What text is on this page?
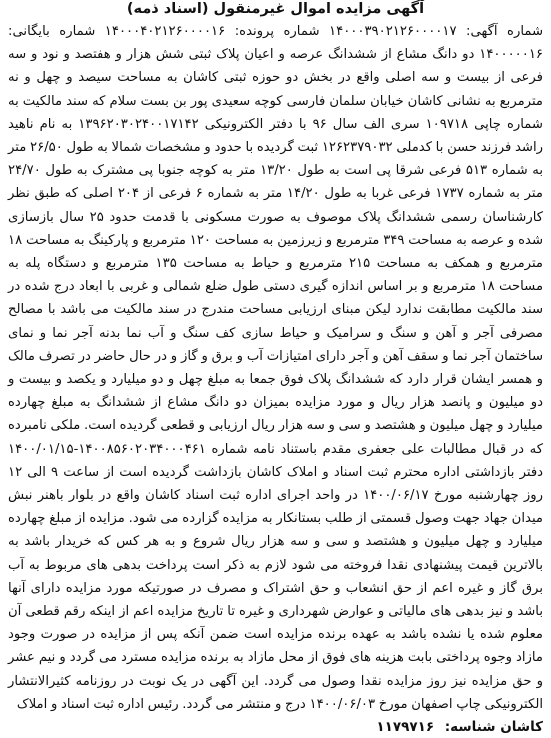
آگهی مزایده اموال غیرمنقول (اسناد ذمه)

شماره آگهی: ۱۴۰۰۰۳۹۰۲۱۲۶۰۰۰۰۱۷ شماره پرونده: ۱۴۰۰۰۴۰۲۱۲۶۰۰۰۰۱۶ شماره بایگانی: ۱۴۰۰۰۰۰۱۶ دو دانگ مشاع از ششدانگ عرصه و اعیان پلاک ثبتی شش هزار و هفتصد و نود و سه فرعی از بیست و سه اصلی واقع در بخش دو حوزه ثبتی کاشان به مساحت سیصد و چهل و نه مترمربع به نشانی کاشان خیابان سلمان فارسی کوچه سعیدی پور بن بست سلام که سند مالکیت به شماره چاپی ۱۰۹۷۱۸ سری الف سال ۹۶ با دفتر الکترونیکی ۱۳۹۶۲۰۳۰۲۴۰۰۱۷۱۴۲ به نام ناهید راشد فرزند حسن با کدملی ۱۲۶۲۳۷۹۰۳۲ ثبت گردیده با حدود و مشخصات شمالا به طول ۲۶/۵۰ متر به شماره ۵۱۳ فرعی شرقا پی است به طول ۱۳/۲۰ متر به کوچه جنوبا پی مشترک به طول ۲۴/۷۰ متر به شماره ۱۷۳۷ فرعی غربا به طول ۱۴/۲۰ متر به شماره ۶ فرعی از ۲۰۴ اصلی که طبق نظر کارشناسان رسمی ششدانگ پلاک موصوف به صورت مسکونی با قدمت حدود ۲۵ سال بازسازی شده و عرصه به مساحت ۳۴۹ مترمربع و زیرزمین به مساحت ۱۲۰ مترمربع و پارکینگ به مساحت ۱۸ مترمربع و همکف به مساحت ۲۱۵ مترمربع و حیاط به مساحت ۱۳۵ مترمربع و دستگاه پله به مساحت ۱۸ مترمربع و بر اساس اندازه گیری دستی طول ضلع شمالی و غربی با ابعاد درج شده در سند مالکیت مطابقت ندارد لیکن مبنای ارزیابی مساحت مندرج در سند مالکیت می باشد با مصالح مصرفی آجر و آهن و سنگ و سرامیک و حیاط سازی کف سنگ و آب نما بدنه آجر نما و نمای ساختمان آجر نما و سقف آهن و آجر دارای امتیازات آب و برق و گاز و در حال حاضر در تصرف مالک و همسر ایشان قرار دارد که ششدانگ پلاک فوق جمعا به مبلغ چهل و دو میلیارد و یکصد و بیست و دو میلیون و پانصد هزار ریال و مورد مزایده بمیزان دو دانگ مشاع از ششدانگ به مبلغ چهارده میلیارد و چهل میلیون و هشتصد و سی و سه هزار ریال ارزیابی و قطعی گردیده است. ملکی نامبرده که در قبال مطالبات علی جعفری مقدم باستناد نامه شماره ۱۴۰۰۸۵۶۰۲۰۳۴۰۰۰۴۶۱-۱۴۰۰/۰۱/۱۵ دفتر بازداشتی اداره محترم ثبت اسناد و املاک کاشان بازداشت گردیده است از ساعت ۹ الی ۱۲ روز چهارشنبه مورخ ۱۴۰۰/۰۶/۱۷ در واحد اجرای اداره ثبت اسناد کاشان واقع در بلوار باهنر نبش میدان جهاد جهت وصول قسمتی از طلب بستانکار به مزایده گزارده می شود. مزایده از مبلغ چهارده میلیارد و چهل میلیون و هشتصد و سی و سه هزار ریال شروع و به هر کس که خریدار باشد به بالاترین قیمت پیشنهادی نقدا فروخته می شود لازم به ذکر است پرداخت بدهی های مربوط به آب برق گاز و غیره اعم از حق انشعاب و حق اشتراک و مصرف در صورتیکه مورد مزایده دارای آنها باشد و نیز بدهی های مالیاتی و عوارض شهرداری و غیره تا تاریخ مزایده اعم از اینکه رقم قطعی آن معلوم شده یا نشده باشد به عهده برنده مزایده است ضمن آنکه پس از مزایده در صورت وجود مازاد وجوه پرداختی بابت هزینه های فوق از محل مازاد به برنده مزایده مسترد می گردد و نیم عشر و حق مزایده نیز روز مزایده نقدا وصول می گردد. این آگهی در یک نوبت در روزنامه کثیرالانتشار الکترونیکی چاپ اصفهان مورخ ۱۴۰۰/۰۶/۰۳ درج و منتشر می گردد. رئیس اداره ثبت اسناد و املاک

کاشان شناسه: ۱۱۷۹۷۱۶
